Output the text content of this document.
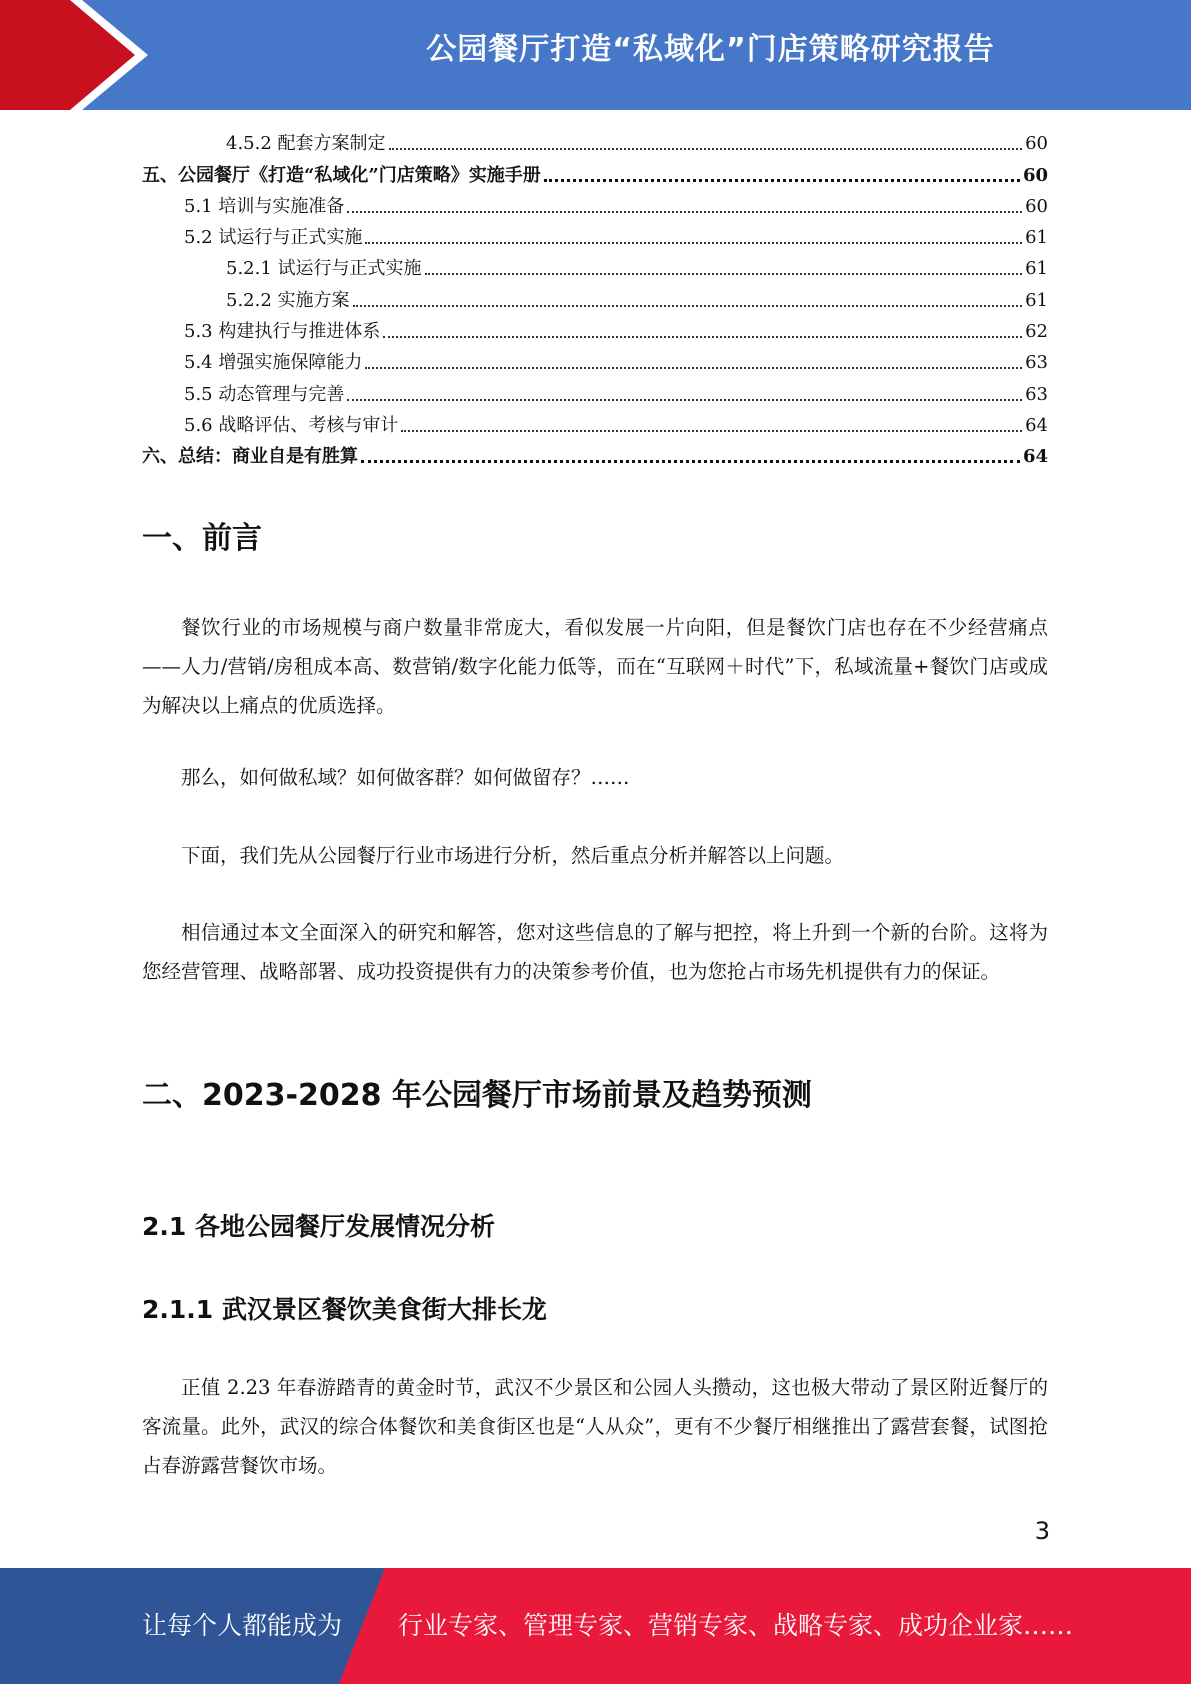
公园餐厅打造“私域化”门店策略研究报告
4.5.2 配套方案制定	60
五、公园餐厅《打造“私域化”门店策略》实施手册	60
5.1 培训与实施准备	60
5.2 试运行与正式实施	61
5.2.1 试运行与正式实施	61
5.2.2 实施方案	61
5.3 构建执行与推进体系	62
5.4 增强实施保障能力	63
5.5 动态管理与完善	63
5.6 战略评估、考核与审计	64
六、总结：商业自是有胜算	64
一、前言

餐饮行业的市场规模与商户数量非常庞大，看似发展一片向阳，但是餐饮门店也存在不少经营痛点——人力/营销/房租成本高、数营销/数字化能力低等，而在“互联网＋时代”下，私域流量+餐饮门店或成为解决以上痛点的优质选择。

那么，如何做私域？如何做客群？如何做留存？……

下面，我们先从公园餐厅行业市场进行分析，然后重点分析并解答以上问题。

相信通过本文全面深入的研究和解答，您对这些信息的了解与把控，将上升到一个新的台阶。这将为您经营管理、战略部署、成功投资提供有力的决策参考价值，也为您抢占市场先机提供有力的保证。

二、2023-2028 年公园餐厅市场前景及趋势预测
2.1 各地公园餐厅发展情况分析
2.1.1 武汉景区餐饮美食街大排长龙

正值 2.23 年春游踏青的黄金时节，武汉不少景区和公园人头攒动，这也极大带动了景区附近餐厅的客流量。此外，武汉的综合体餐饮和美食街区也是“人从众”，更有不少餐厅相继推出了露营套餐，试图抢占春游露营餐饮市场。

3
让每个人都能成为 行业专家、管理专家、营销专家、战略专家、成功企业家……
